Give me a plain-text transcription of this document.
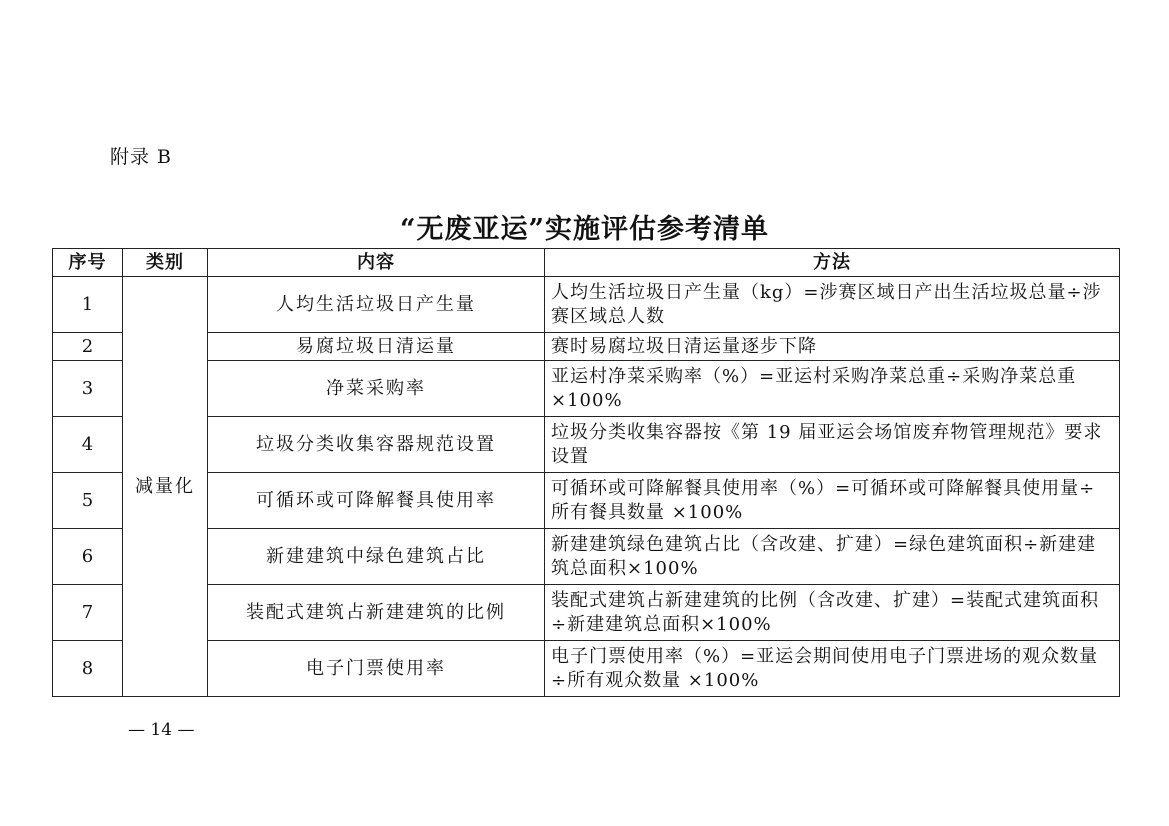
附录 B
“无废亚运”实施评估参考清单
序号	类别	内容	方法
1	减量化	人均生活垃圾日产生量	人均生活垃圾日产生量（kg）=涉赛区域日产出生活垃圾总量÷涉赛区域总人数
2		易腐垃圾日清运量	赛时易腐垃圾日清运量逐步下降
3		净菜采购率	亚运村净菜采购率（%）=亚运村采购净菜总重÷采购净菜总重×100%
4		垃圾分类收集容器规范设置	垃圾分类收集容器按《第 19 届亚运会场馆废弃物管理规范》要求设置
5		可循环或可降解餐具使用率	可循环或可降解餐具使用率（%）=可循环或可降解餐具使用量÷所有餐具数量 ×100%
6		新建建筑中绿色建筑占比	新建建筑绿色建筑占比（含改建、扩建）=绿色建筑面积÷新建建筑总面积×100%
7		装配式建筑占新建建筑的比例	装配式建筑占新建建筑的比例（含改建、扩建）=装配式建筑面积÷新建建筑总面积×100%
8		电子门票使用率	电子门票使用率（%）=亚运会期间使用电子门票进场的观众数量÷所有观众数量 ×100%
— 14 —
